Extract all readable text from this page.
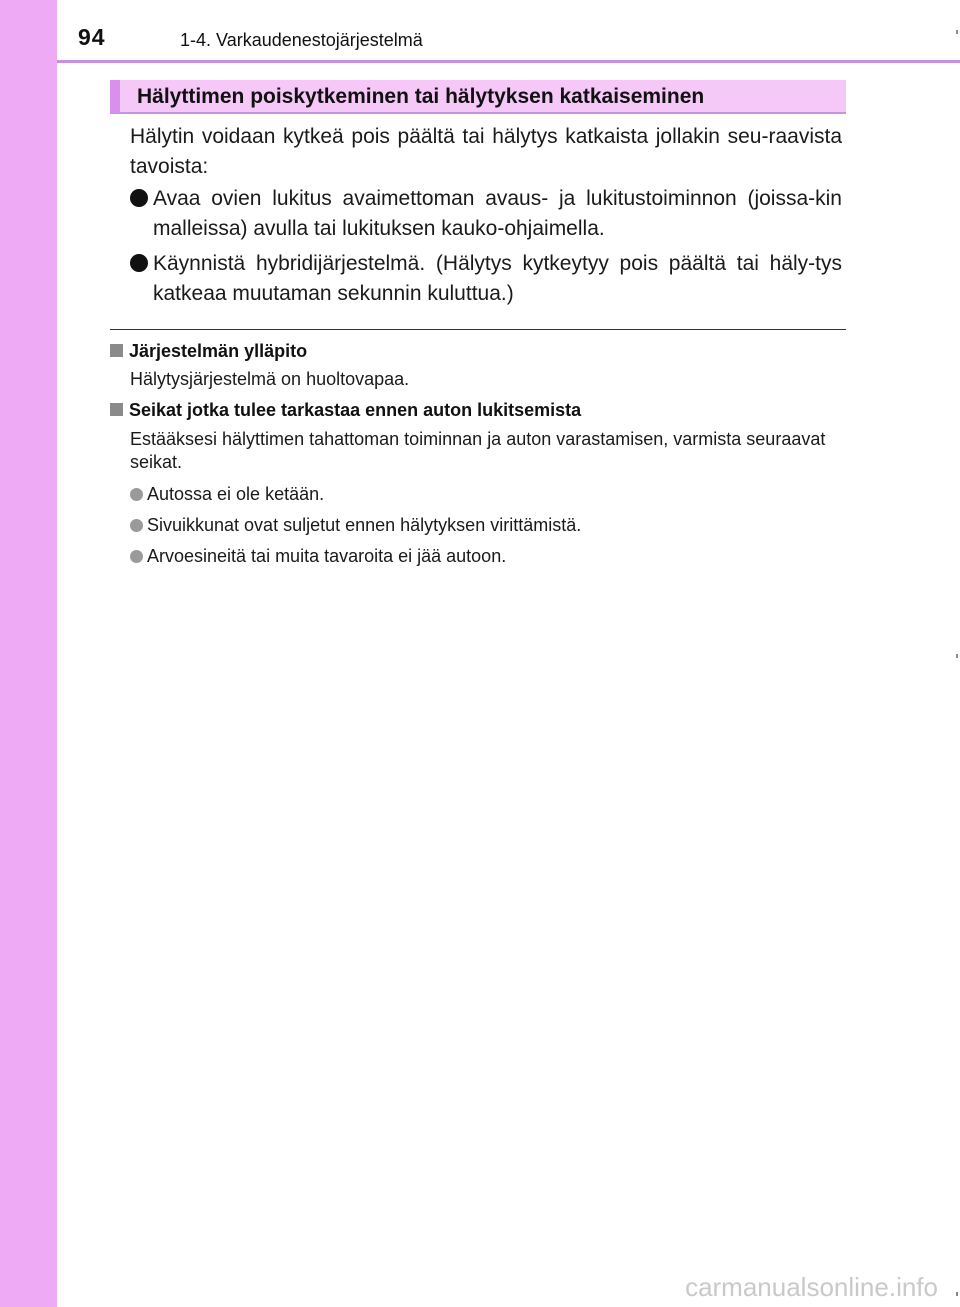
94	1-4. Varkaudenestojärjestelmä
Hälyttimen poiskytkeminen tai hälytyksen katkaiseminen

Hälytin voidaan kytkeä pois päältä tai hälytys katkaista jollakin seu-raavista tavoista:

Avaa ovien lukitus avaimettoman avaus- ja lukitustoiminnon (joissa-kin malleissa) avulla tai lukituksen kauko-ohjaimella.
Käynnistä hybridijärjestelmä. (Hälytys kytkeytyy pois päältä tai häly-tys katkeaa muutaman sekunnin kuluttua.)
Järjestelmän ylläpito
Hälytysjärjestelmä on huoltovapaa.
Seikat jotka tulee tarkastaa ennen auton lukitsemista
Estääksesi hälyttimen tahattoman toiminnan ja auton varastamisen, varmista seuraavat seikat.
Autossa ei ole ketään.
Sivuikkunat ovat suljetut ennen hälytyksen virittämistä.
Arvoesineitä tai muita tavaroita ei jää autoon.
carmanualsonline.info
